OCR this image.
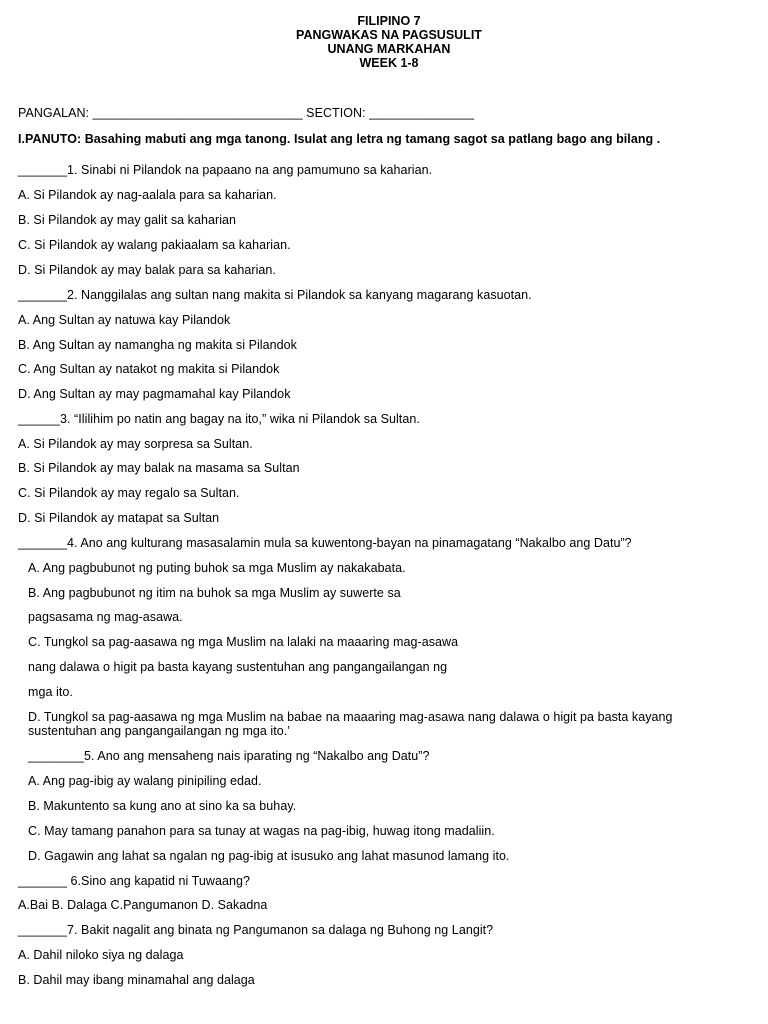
FILIPINO 7
PANGWAKAS NA PAGSUSULIT
UNANG MARKAHAN
WEEK 1-8
PANGALAN: ______________________________ SECTION: _______________
I.PANUTO: Basahing mabuti ang mga tanong. Isulat ang letra ng tamang sagot sa patlang bago ang bilang .
_______1. Sinabi ni Pilandok na papaano na ang pamumuno sa kaharian.
A. Si Pilandok ay nag-aalala para sa kaharian.
B. Si Pilandok ay may galit sa kaharian
C. Si Pilandok ay walang pakiaalam sa kaharian.
D. Si Pilandok ay may balak para sa kaharian.
_______2. Nanggilalas ang sultan nang makita si Pilandok sa kanyang magarang kasuotan.
A. Ang Sultan ay natuwa kay Pilandok
B. Ang Sultan ay namangha ng makita si Pilandok
C. Ang Sultan ay natakot ng makita si Pilandok
D. Ang Sultan ay may pagmamahal kay Pilandok
______3. “Ililihim po natin ang bagay na ito,” wika ni Pilandok sa Sultan.
A. Si Pilandok ay may sorpresa sa Sultan.
B. Si Pilandok ay may balak na masama sa Sultan
C. Si Pilandok ay may regalo sa Sultan.
D. Si Pilandok ay matapat sa Sultan
_______4. Ano ang kulturang masasalamin mula sa kuwentong-bayan na pinamagatang “Nakalbo ang Datu”?
A. Ang pagbubunot ng puting buhok sa mga Muslim ay nakakabata.
B. Ang pagbubunot ng itim na buhok sa mga Muslim ay suwerte sa
pagsasama ng mag-asawa.
C. Tungkol sa pag-aasawa ng mga Muslim na lalaki na maaaring mag-asawa
nang dalawa o higit pa basta kayang sustentuhan ang pangangailangan ng
mga ito.
D. Tungkol sa pag-aasawa ng mga Muslim na babae na maaaring mag-asawa nang dalawa o higit pa basta kayang sustentuhan ang pangangailangan ng mga ito.’
________5. Ano ang mensaheng nais iparating ng “Nakalbo ang Datu”?
A. Ang pag-ibig ay walang pinipiling edad.
B. Makuntento sa kung ano at sino ka sa buhay.
C. May tamang panahon para sa tunay at wagas na pag-ibig, huwag itong madaliin.
D. Gagawin ang lahat sa ngalan ng pag-ibig at isusuko ang lahat masunod lamang ito.
_______ 6.Sino ang kapatid ni Tuwaang?
A.Bai B. Dalaga C.Pangumanon D. Sakadna
_______7. Bakit nagalit ang binata ng Pangumanon sa dalaga ng Buhong ng Langit?
A. Dahil niloko siya ng dalaga
B. Dahil may ibang minamahal ang dalaga
